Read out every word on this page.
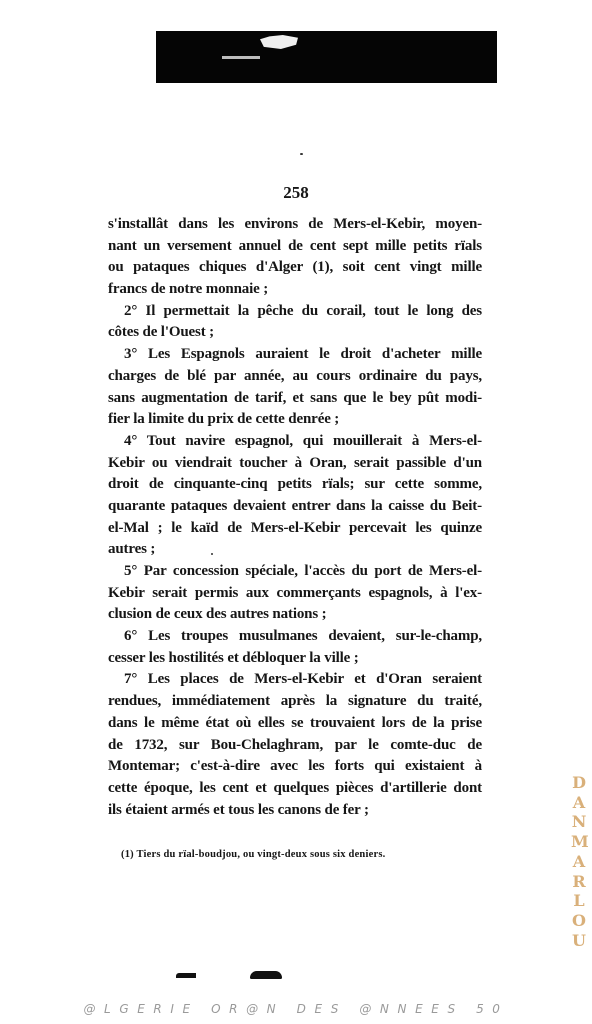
258
s'installât dans les environs de Mers-el-Kebir, moyen-
nant un versement annuel de cent sept mille petits rïals
ou pataques chiques d'Alger (1), soit cent vingt mille
francs de notre monnaie ;
2° Il permettait la pêche du corail, tout le long des
côtes de l'Ouest ;
3° Les Espagnols auraient le droit d'acheter mille
charges de blé par année, au cours ordinaire du pays,
sans augmentation de tarif, et sans que le bey pût modi-
fier la limite du prix de cette denrée ;
4° Tout navire espagnol, qui mouillerait à Mers-el-
Kebir ou viendrait toucher à Oran, serait passible d'un
droit de cinquante-cinq petits rïals; sur cette somme,
quarante pataques devaient entrer dans la caisse du Beit-
el-Mal ; le kaïd de Mers-el-Kebir percevait les quinze
autres ;
5° Par concession spéciale, l'accès du port de Mers-el-
Kebir serait permis aux commerçants espagnols, à l'ex-
clusion de ceux des autres nations ;
6° Les troupes musulmanes devaient, sur-le-champ,
cesser les hostilités et débloquer la ville ;
7° Les places de Mers-el-Kebir et d'Oran seraient
rendues, immédiatement après la signature du traité,
dans le même état où elles se trouvaient lors de la prise
de 1732, sur Bou-Chelaghram, par le comte-duc de
Montemar; c'est-à-dire avec les forts qui existaient à
cette époque, les cent et quelques pièces d'artillerie dont
ils étaient armés et tous les canons de fer ;
(1) Tiers du rïal-boudjou, ou vingt-deux sous six deniers.
D
A
N
M
A
R
L
O
U
@LGERIE OR@N DES @NNEES 50
